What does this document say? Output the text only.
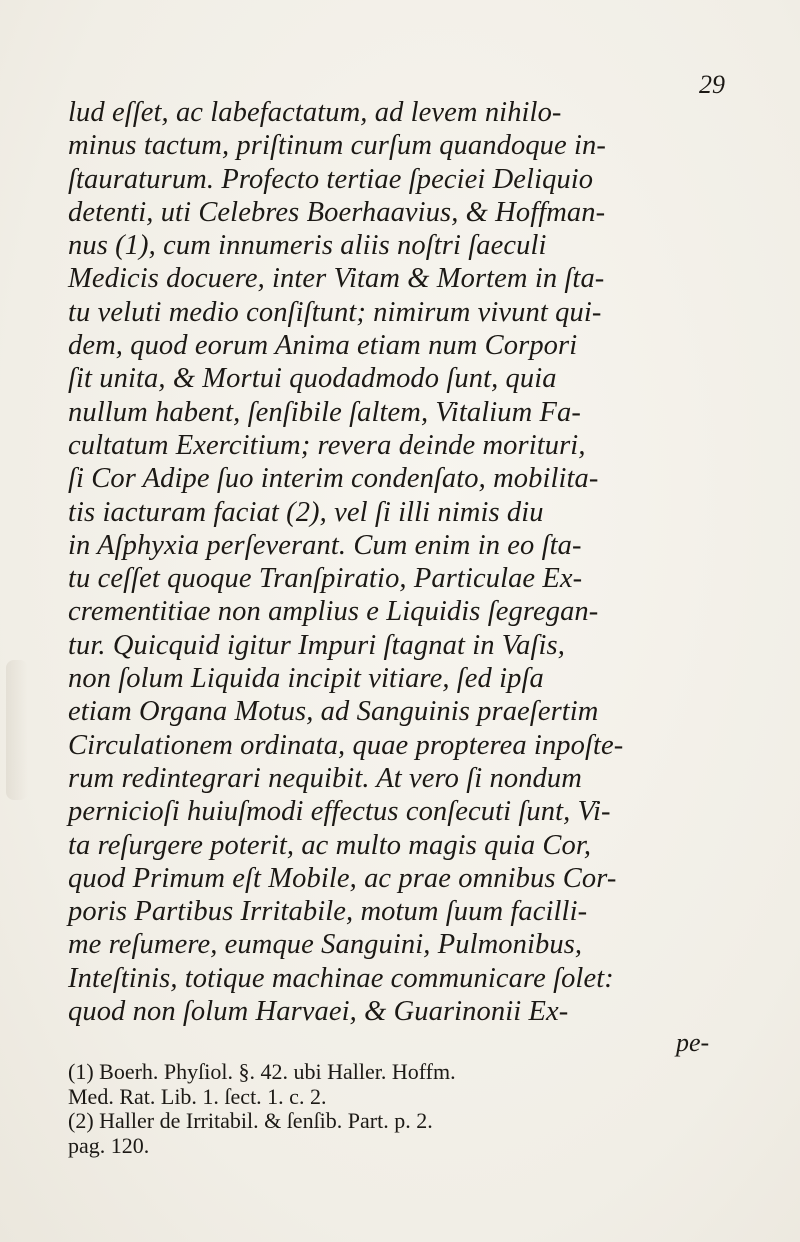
29
lud eſſet, ac labefactatum, ad levem nihilo-
minus tactum, priſtinum curſum quandoque in-
ſtauraturum. Profecto tertiae ſpeciei Deliquio
detenti, uti Celebres Boerhaavius, & Hoffman-
nus (1), cum innumeris aliis noſtri ſaeculi
Medicis docuere, inter Vitam & Mortem in ſta-
tu veluti medio conſiſtunt; nimirum vivunt qui-
dem, quod eorum Anima etiam num Corpori
ſit unita, & Mortui quodadmodo ſunt, quia
nullum habent, ſenſibile ſaltem, Vitalium Fa-
cultatum Exercitium; revera deinde morituri,
ſi Cor Adipe ſuo interim condenſato, mobilita-
tis iacturam faciat (2), vel ſi illi nimis diu
in Aſphyxia perſeverant. Cum enim in eo ſta-
tu ceſſet quoque Tranſpiratio, Particulae Ex-
crementitiae non amplius e Liquidis ſegregan-
tur. Quicquid igitur Impuri ſtagnat in Vaſis,
non ſolum Liquida incipit vitiare, ſed ipſa
etiam Organa Motus, ad Sanguinis praeſertim
Circulationem ordinata, quae propterea inpoſte-
rum redintegrari nequibit. At vero ſi nondum
pernicioſi huiuſmodi effectus conſecuti ſunt, Vi-
ta reſurgere poterit, ac multo magis quia Cor,
quod Primum eſt Mobile, ac prae omnibus Cor-
poris Partibus Irritabile, motum ſuum facilli-
me reſumere, eumque Sanguini, Pulmonibus,
Inteſtinis, totique machinae communicare ſolet:
quod non ſolum Harvaei, & Guarinonii Ex-
pe-
(1) Boerh. Phyſiol. §. 42. ubi Haller. Hoffm.
Med. Rat. Lib. 1. ſect. 1. c. 2.
(2) Haller de Irritabil. & ſenſib. Part. p. 2.
pag. 120.
